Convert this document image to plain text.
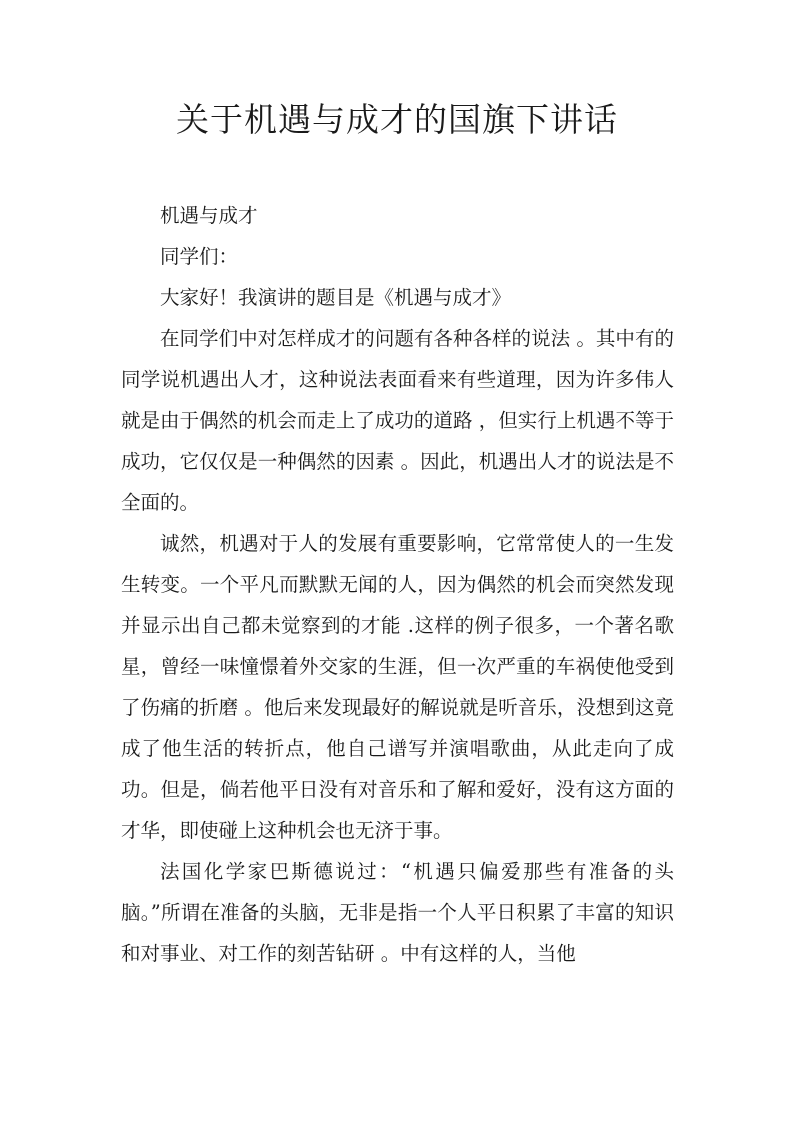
关于机遇与成才的国旗下讲话

机遇与成才

同学们：

大家好！我演讲的题目是《机遇与成才》

在同学们中对怎样成才的问题有各种各样的说法 。其中有的同学说机遇出人才，这种说法表面看来有些道理，因为许多伟人就是由于偶然的机会而走上了成功的道路 ，但实行上机遇不等于成功，它仅仅是一种偶然的因素 。因此，机遇出人才的说法是不全面的。

诚然，机遇对于人的发展有重要影响，它常常使人的一生发生转变。一个平凡而默默无闻的人，因为偶然的机会而突然发现并显示出自己都未觉察到的才能 .这样的例子很多，一个著名歌星，曾经一味憧憬着外交家的生涯，但一次严重的车祸使他受到了伤痛的折磨 。他后来发现最好的解说就是听音乐，没想到这竟成了他生活的转折点，他自己谱写并演唱歌曲，从此走向了成功。但是，倘若他平日没有对音乐和了解和爱好，没有这方面的才华，即使碰上这种机会也无济于事。

法国化学家巴斯德说过：“机遇只偏爱那些有准备的头脑。”所谓在准备的头脑，无非是指一个人平日积累了丰富的知识和对事业、对工作的刻苦钻研 。中有这样的人，当他
